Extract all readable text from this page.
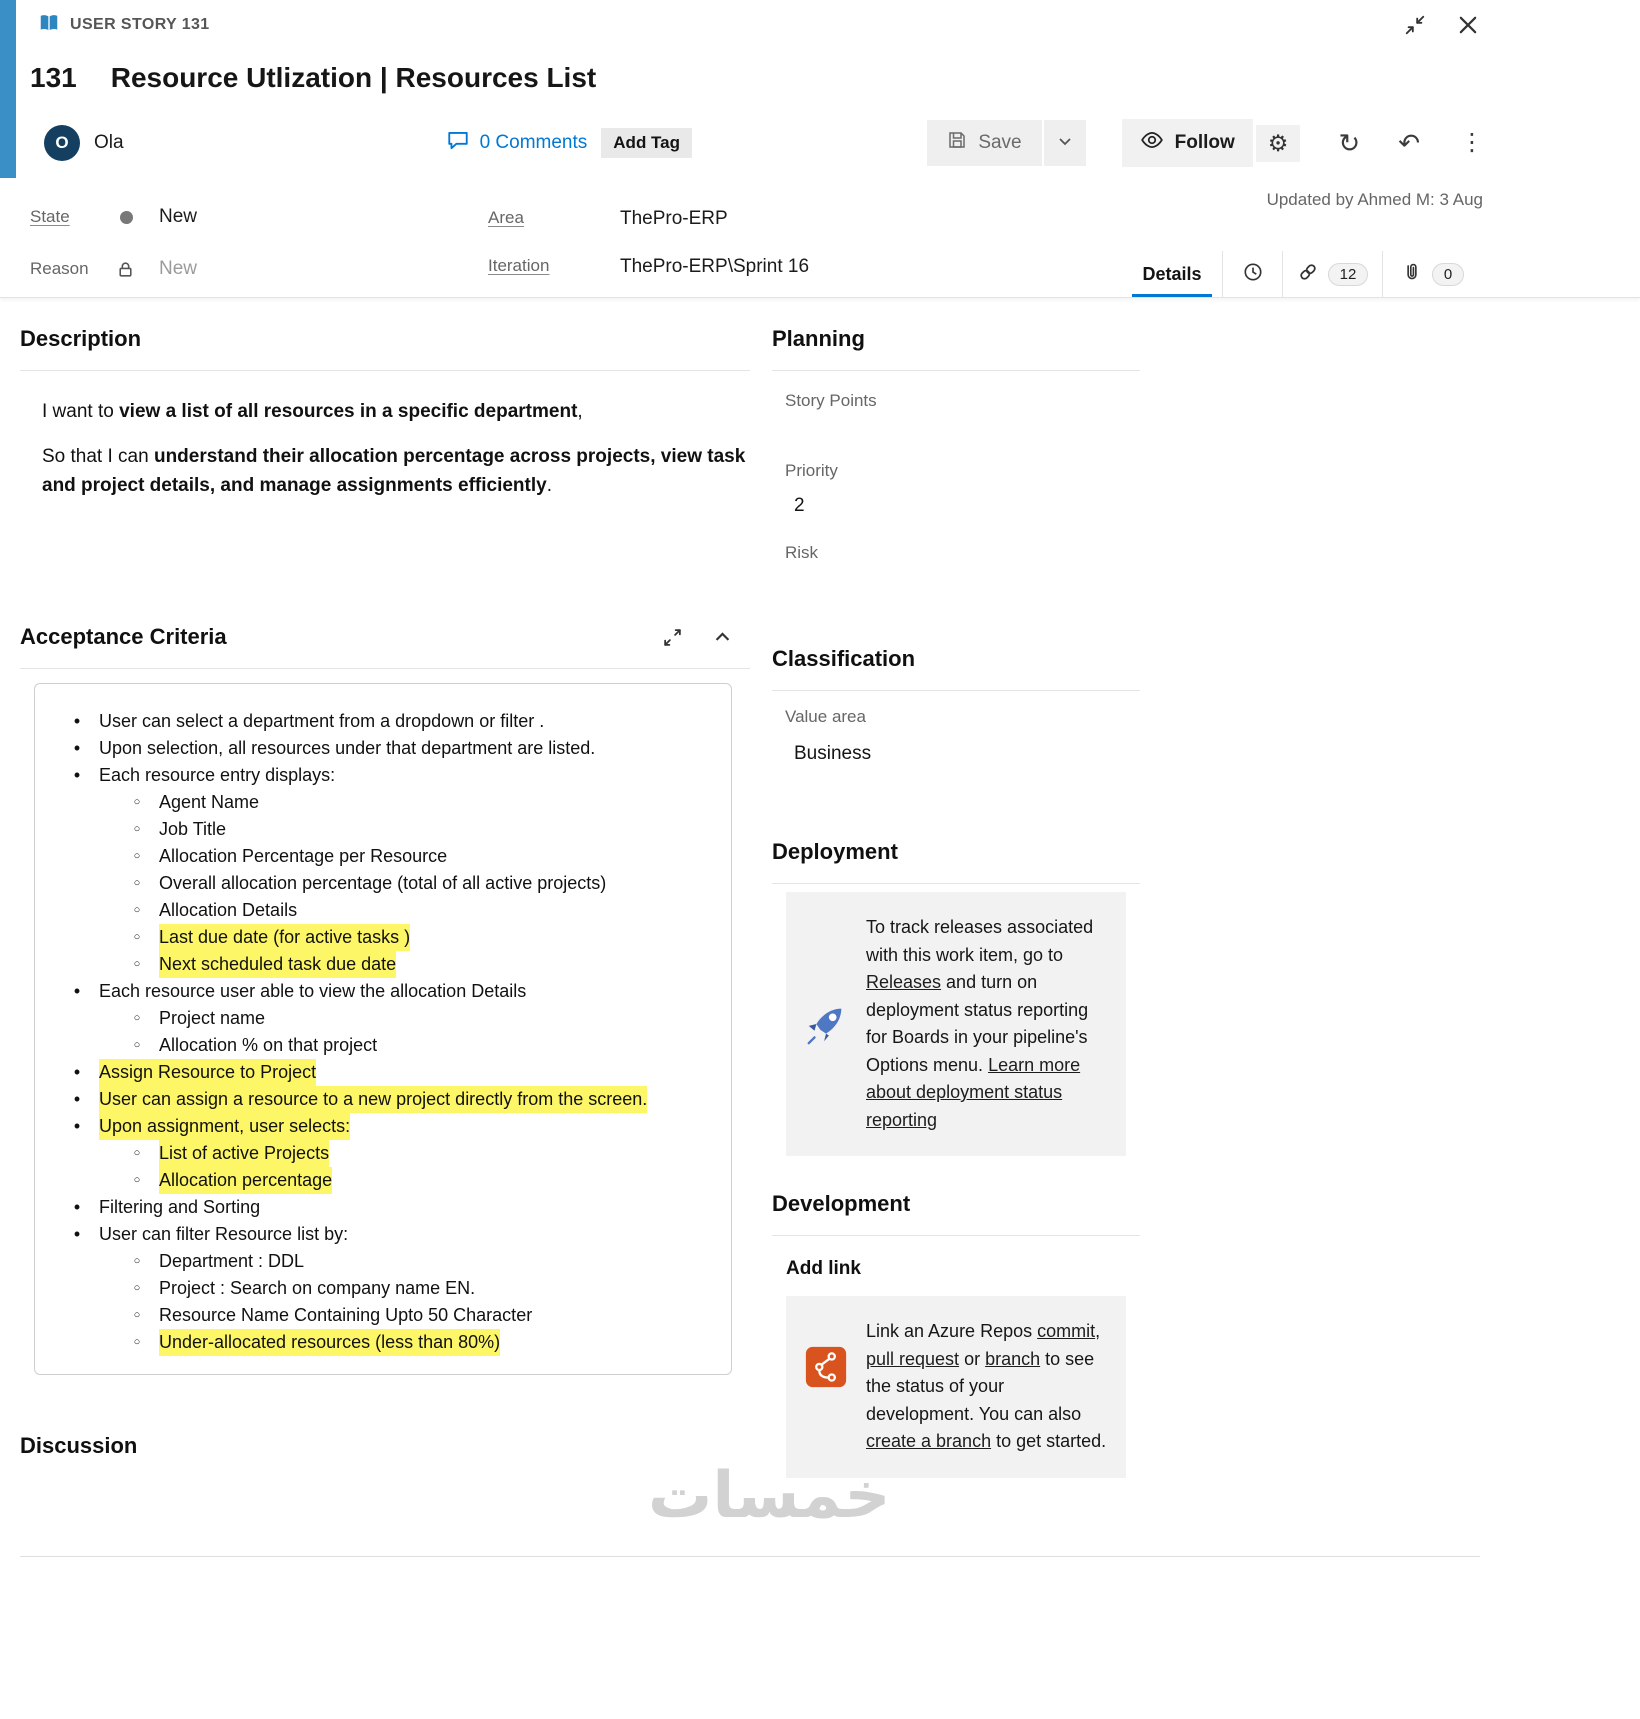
USER STORY 131
131 Resource Utlization | Resources List
O	Ola	0 Comments	Add Tag	Save	Follow	⚙	↻ ↶ ⋮
Updated by Ahmed M: 3 Aug
State	New	Area	ThePro-ERP
Reason	New	Iteration	ThePro-ERP\Sprint 16	Details	12	0
Description

I want to view a list of all resources in a specific department,

So that I can understand their allocation percentage across projects, view task and project details, and manage assignments efficiently.

Acceptance Criteria
•	User can select a department from a dropdown or filter .
•	Upon selection, all resources under that department are listed.
•	Each resource entry displays:
○	Agent Name
○	Job Title
○	Allocation Percentage per Resource
○	Overall allocation percentage (total of all active projects)
○	Allocation Details
○	Last due date (for active tasks )
○	Next scheduled task due date
•	Each resource user able to view the allocation Details
○	Project name
○	Allocation % on that project
•	Assign Resource to Project
•	User can assign a resource to a new project directly from the screen.
•	Upon assignment, user selects:
○	List of active Projects
○	Allocation percentage
•	Filtering and Sorting
•	User can filter Resource list by:
○	Department : DDL
○	Project : Search on company name EN.
○	Resource Name Containing Upto 50 Character
○	Under-allocated resources (less than 80%)
Discussion
Planning
Story Points
Priority
2
Risk
Classification
Value area
Business
Deployment
To track releases associated with this work item, go to Releases and turn on deployment status reporting for Boards in your pipeline's Options menu. Learn more about deployment status reporting
Development
Add link
Link an Azure Repos commit, pull request or branch to see the status of your development. You can also create a branch to get started.
خمسات
